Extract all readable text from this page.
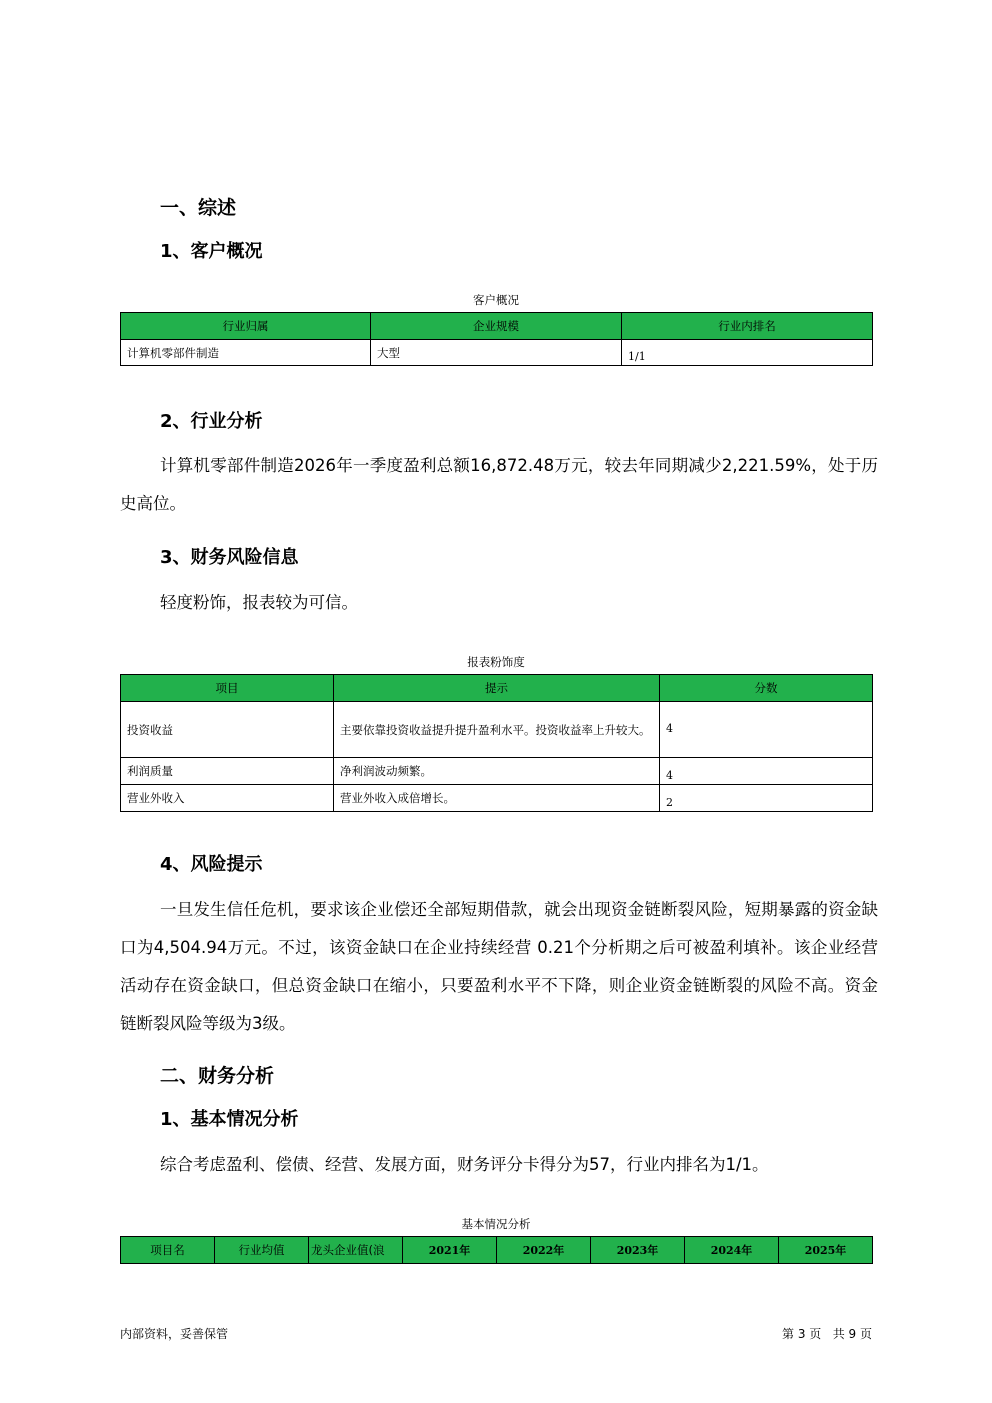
一、综述
1、客户概况
客户概况
行业归属	企业规模	行业内排名
计算机零部件制造	大型	1/1
2、行业分析
计算机零部件制造2026年一季度盈利总额16,872.48万元，较去年同期减少2,221.59%，处于历史高位。
3、财务风险信息
轻度粉饰，报表较为可信。
报表粉饰度
项目	提示	分数
投资收益	主要依靠投资收益提升提升盈利水平。投资收益率上升较大。	4
利润质量	净利润波动频繁。	4
营业外收入	营业外收入成倍增长。	2
4、风险提示
一旦发生信任危机，要求该企业偿还全部短期借款，就会出现资金链断裂风险，短期暴露的资金缺口为4,504.94万元。不过，该资金缺口在企业持续经营 0.21个分析期之后可被盈利填补。该企业经营活动存在资金缺口，但总资金缺口在缩小，只要盈利水平不下降，则企业资金链断裂的风险不高。资金链断裂风险等级为3级。
二、财务分析
1、基本情况分析
综合考虑盈利、偿债、经营、发展方面，财务评分卡得分为57，行业内排名为1/1。
基本情况分析
项目名	行业均值	龙头企业值(浪	2021年	2022年	2023年	2024年	2025年
内部资料，妥善保管	第 3 页   共 9 页
